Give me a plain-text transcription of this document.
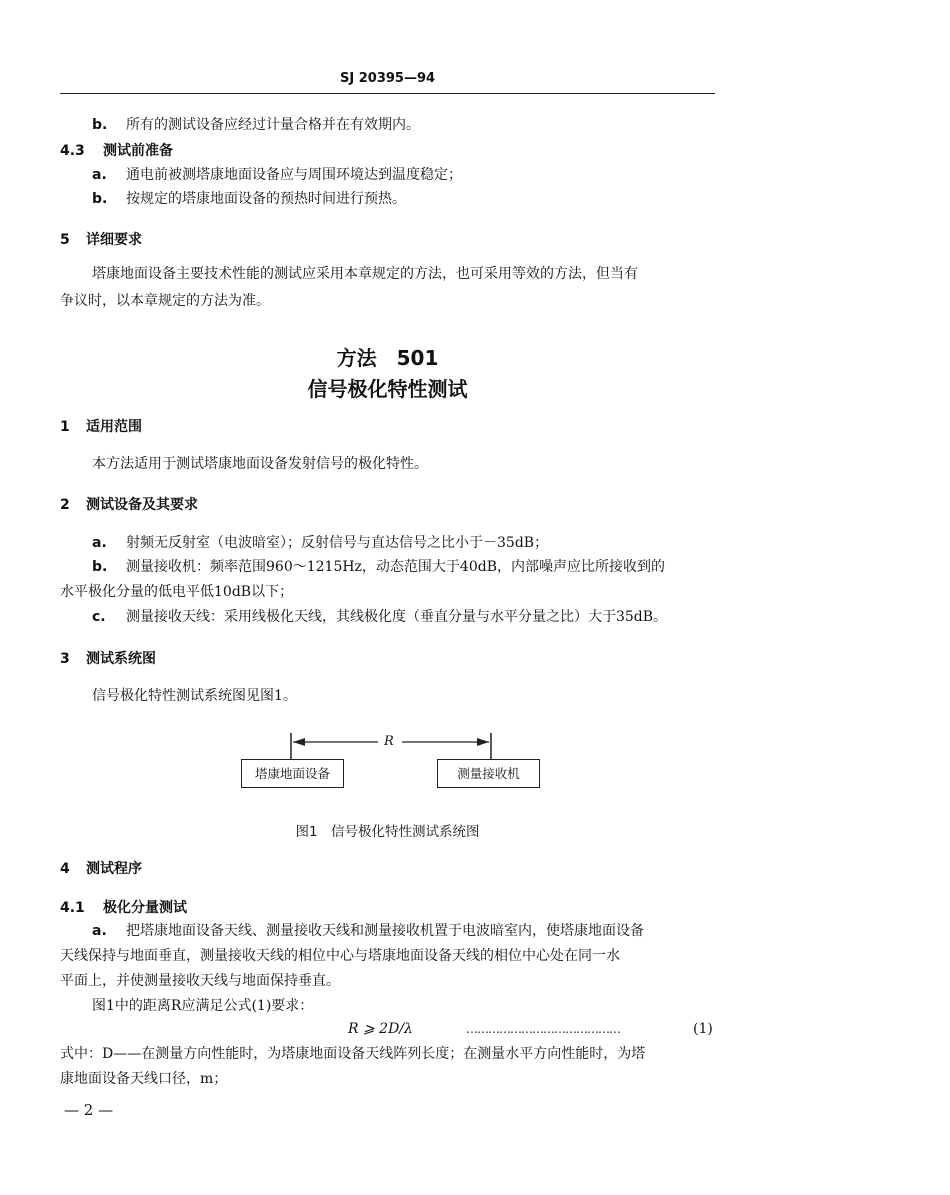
SJ 20395—94
b. 所有的测试设备应经过计量合格并在有效期内。
4.3 测试前准备
a. 通电前被测塔康地面设备应与周围环境达到温度稳定；
b. 按规定的塔康地面设备的预热时间进行预热。
5 详细要求
塔康地面设备主要技术性能的测试应采用本章规定的方法，也可采用等效的方法，但当有
争议时，以本章规定的方法为准。
方法　501
信号极化特性测试
1 适用范围
本方法适用于测试塔康地面设备发射信号的极化特性。
2 测试设备及其要求
a. 射频无反射室（电波暗室）；反射信号与直达信号之比小于－35dB；
b. 测量接收机：频率范围960～1215Hz，动态范围大于40dB，内部噪声应比所接收到的
水平极化分量的低电平低10dB以下；
c. 测量接收天线：采用线极化天线，其线极化度（垂直分量与水平分量之比）大于35dB。
3 测试系统图
信号极化特性测试系统图见图1。
R
塔康地面设备	测量接收机
图1　信号极化特性测试系统图
4 测试程序
4.1 极化分量测试
a. 把塔康地面设备天线、测量接收天线和测量接收机置于电波暗室内，使塔康地面设备
天线保持与地面垂直，测量接收天线的相位中心与塔康地面设备天线的相位中心处在同一水
平面上，并使测量接收天线与地面保持垂直。
图1中的距离R应满足公式(1)要求：
R ⩾ 2D/λ	……………………………………	(1)
式中：D——在测量方向性能时，为塔康地面设备天线阵列长度；在测量水平方向性能时，为塔
康地面设备天线口径，m；
— 2 —
